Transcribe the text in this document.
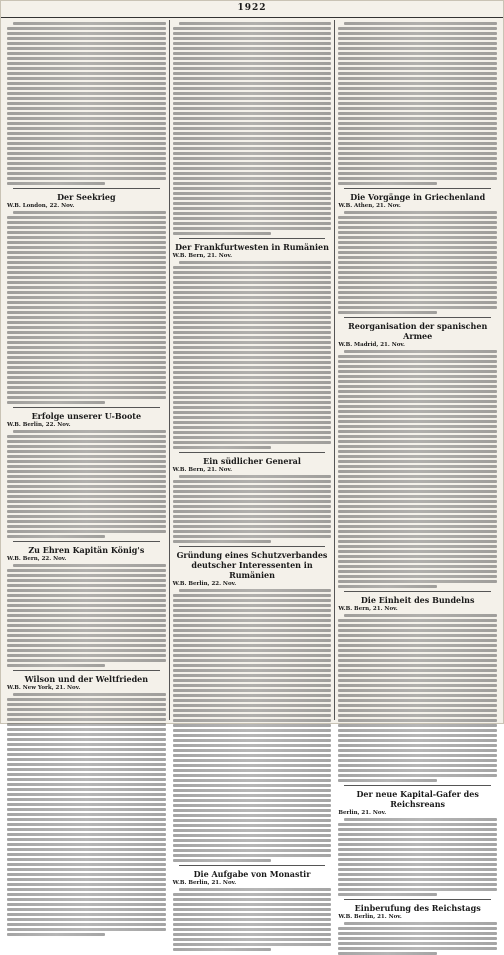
1922
Der Seekrieg
W.B. London, 22. Nov.
Erfolge unserer U-Boote
W.B. Berlin, 22. Nov.
Zu Ehren Kapitän König's
W.B. Bern, 22. Nov.
Wilson und der Weltfrieden
W.B. New York, 21. Nov.
Der Frankfurtwesten in Rumänien
W.B. Bern, 21. Nov.
Ein südlicher General
W.B. Bern, 21. Nov.
Gründung eines Schutzverbandes deutscher Interessenten in Rumänien
W.B. Berlin, 22. Nov.
Die Aufgabe von Monastir
W.B. Berlin, 21. Nov.
Die Vorgänge in Griechenland
W.B. Athen, 21. Nov.
Reorganisation der spanischen Armee
W.B. Madrid, 21. Nov.
Die Einheit des Bundelns
W.B. Bern, 21. Nov.
Der neue Kapital-Gafer des Reichsreans
Berlin, 21. Nov.
Einberufung des Reichstags
W.B. Berlin, 21. Nov.
